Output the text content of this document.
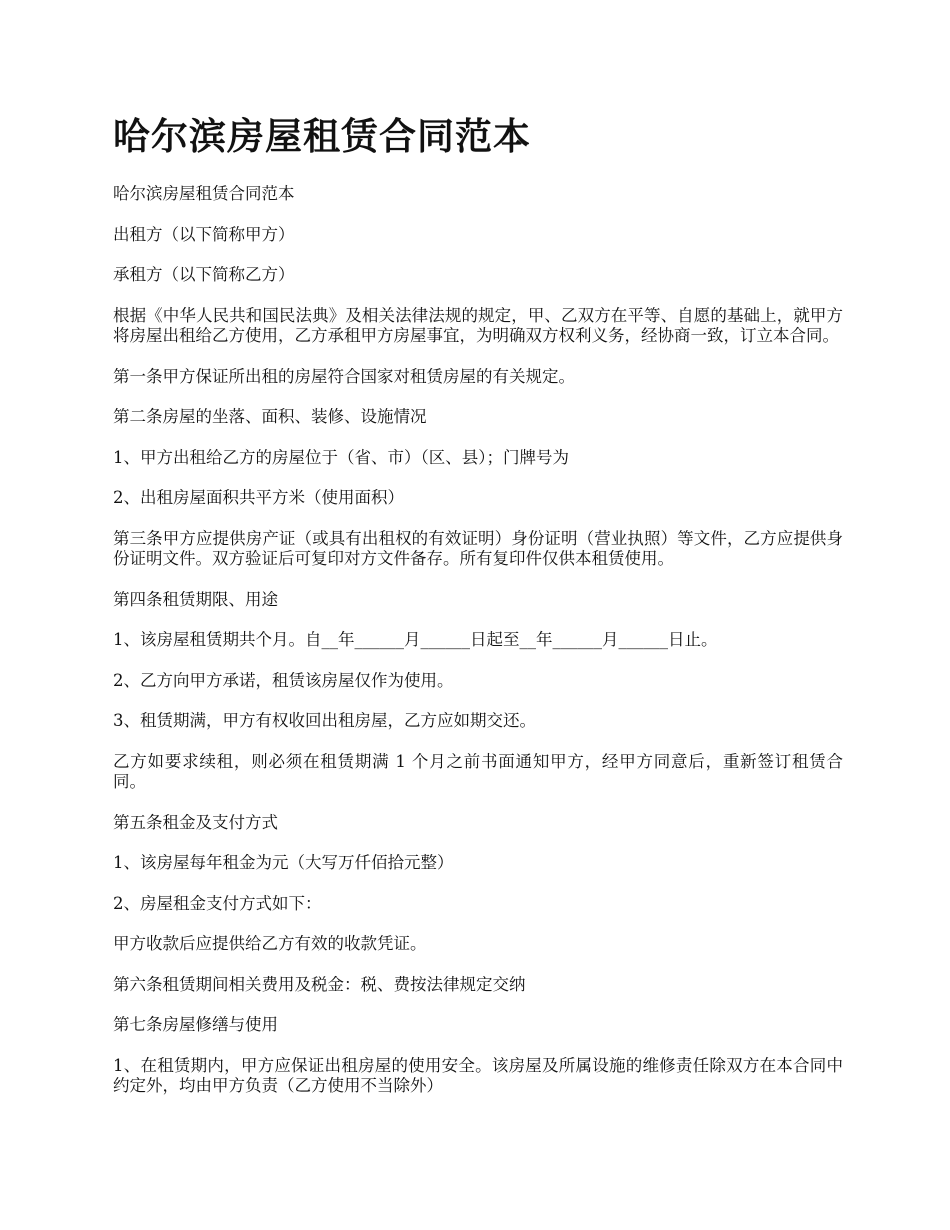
哈尔滨房屋租赁合同范本

哈尔滨房屋租赁合同范本

出租方（以下简称甲方）

承租方（以下简称乙方）

根据《中华人民共和国民法典》及相关法律法规的规定，甲、乙双方在平等、自愿的基础上，就甲方将房屋出租给乙方使用，乙方承租甲方房屋事宜，为明确双方权利义务，经协商一致，订立本合同。

第一条甲方保证所出租的房屋符合国家对租赁房屋的有关规定。

第二条房屋的坐落、面积、装修、设施情况

1、甲方出租给乙方的房屋位于（省、市）（区、县）；门牌号为

2、出租房屋面积共平方米（使用面积）

第三条甲方应提供房产证（或具有出租权的有效证明）身份证明（营业执照）等文件，乙方应提供身份证明文件。双方验证后可复印对方文件备存。所有复印件仅供本租赁使用。

第四条租赁期限、用途

1、该房屋租赁期共个月。自__年______月______日起至__年______月______日止。

2、乙方向甲方承诺，租赁该房屋仅作为使用。

3、租赁期满，甲方有权收回出租房屋，乙方应如期交还。

乙方如要求续租，则必须在租赁期满 1 个月之前书面通知甲方，经甲方同意后，重新签订租赁合同。

第五条租金及支付方式

1、该房屋每年租金为元（大写万仟佰拾元整）

2、房屋租金支付方式如下：

甲方收款后应提供给乙方有效的收款凭证。

第六条租赁期间相关费用及税金：税、费按法律规定交纳

第七条房屋修缮与使用

1、在租赁期内，甲方应保证出租房屋的使用安全。该房屋及所属设施的维修责任除双方在本合同中约定外，均由甲方负责（乙方使用不当除外）
